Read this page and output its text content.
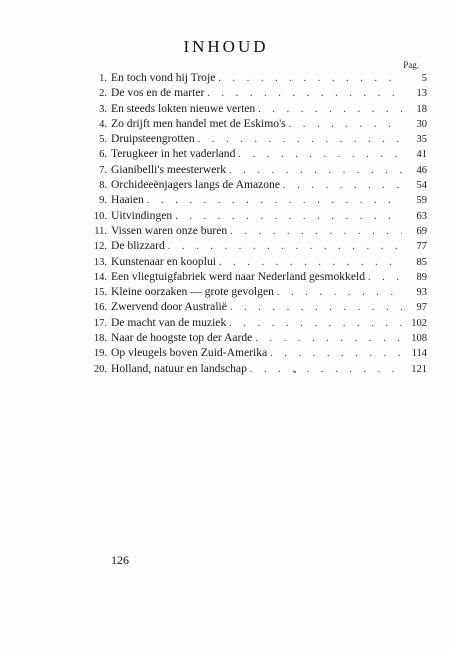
INHOUD
Pag.
1. En toch vond hij Troje . . .	5
2. De vos en de marter . . .	13
3. En steeds lokten nieuwe verten . . .	18
4. Zo drijft men handel met de Eskimo's . . .	30
5. Druipsteengrotten . . .	35
6. Terugkeer in het vaderland . . .	41
7. Gianibelli's meesterwerk . . .	46
8. Orchideeënjagers langs de Amazone . . .	54
9. Haaien . . .	59
10. Uitvindingen . . .	63
11. Vissen waren onze buren . . .	69
12. De blizzard . . .	77
13. Kunstenaar en kooplui . . .	85
14. Een vliegtuigfabriek werd naar Nederland gesmokkeld . . .	89
15. Kleine oorzaken — grote gevolgen . . .	93
16. Zwervend door Australië . . .	97
17. De macht van de muziek . . .	102
18. Naar de hoogste top der Aarde . . .	108
19. Op vleugels boven Zuid-Amerika . . .	114
20. Holland, natuur en landschap . . .	121
126
